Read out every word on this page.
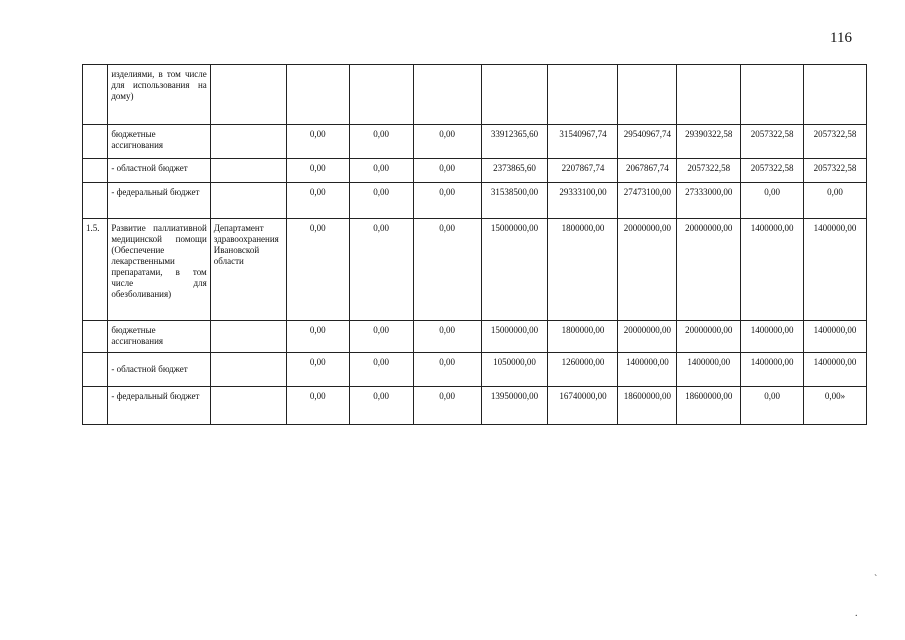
116
	изделиями, в том числе для использования на дому)										
	бюджетные ассигнования		0,00	0,00	0,00	33912365,60	31540967,74	29540967,74	29390322,58	2057322,58	2057322,58
	- областной бюджет		0,00	0,00	0,00	2373865,60	2207867,74	2067867,74	2057322,58	2057322,58	2057322,58
	- федеральный бюджет		0,00	0,00	0,00	31538500,00	29333100,00	27473100,00	27333000,00	0,00	0,00
1.5.	Развитие паллиативной медицинской помощи (Обеспечение лекарственными препаратами, в том числе для обезболивания)	Департамент здравоохранения Ивановской области	0,00	0,00	0,00	15000000,00	1800000,00	20000000,00	20000000,00	1400000,00	1400000,00
	бюджетные ассигнования		0,00	0,00	0,00	15000000,00	1800000,00	20000000,00	20000000,00	1400000,00	1400000,00
	- областной бюджет		0,00	0,00	0,00	1050000,00	1260000,00	1400000,00	1400000,00	1400000,00	1400000,00
	- федеральный бюджет		0,00	0,00	0,00	13950000,00	16740000,00	18600000,00	18600000,00	0,00	0,00»
`
.
